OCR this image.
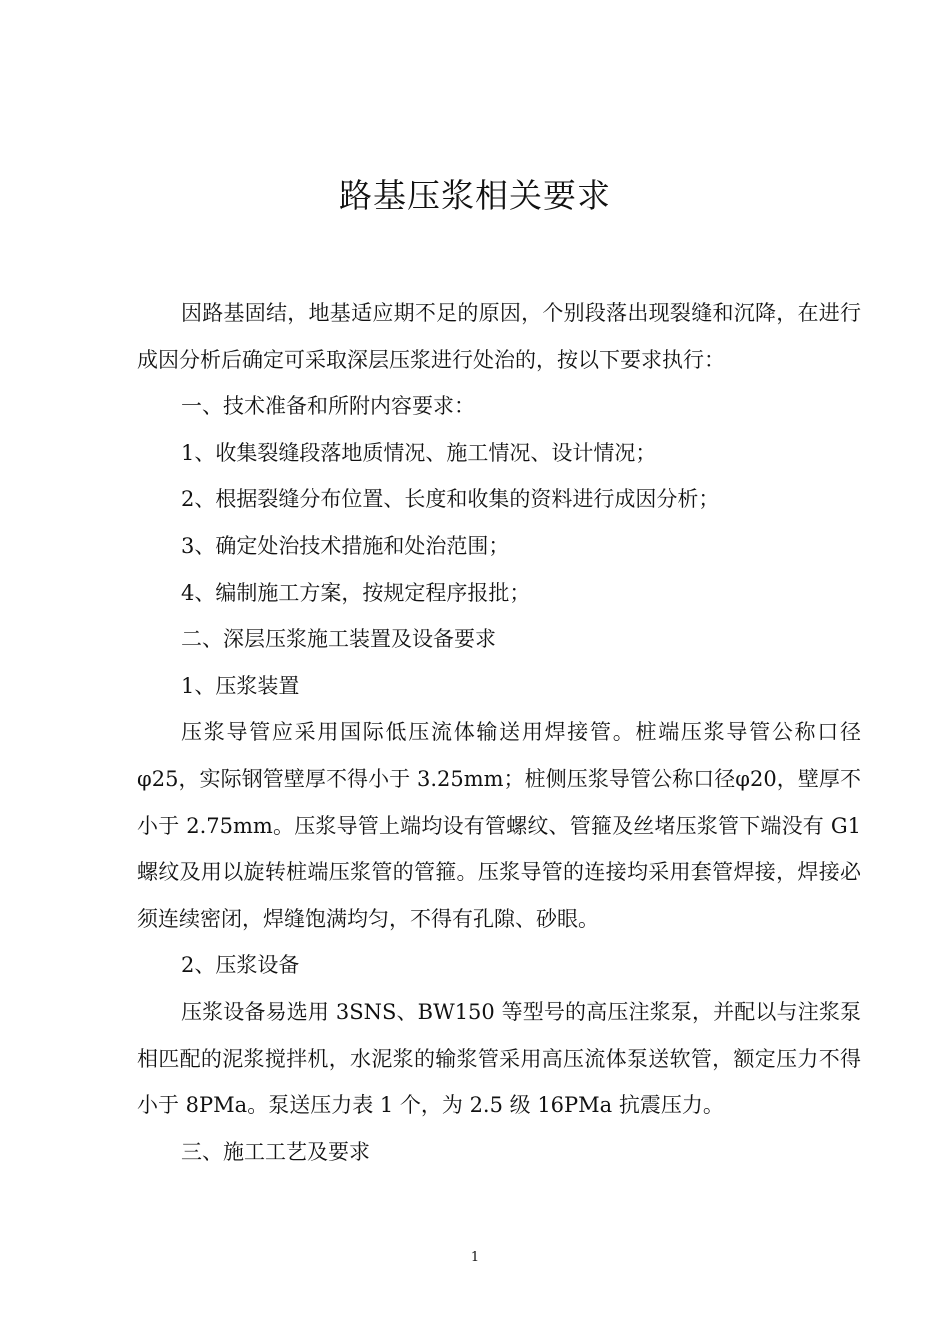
路基压浆相关要求

因路基固结，地基适应期不足的原因，个别段落出现裂缝和沉降，在进行成因分析后确定可采取深层压浆进行处治的，按以下要求执行：

一、技术准备和所附内容要求：

1、收集裂缝段落地质情况、施工情况、设计情况；

2、根据裂缝分布位置、长度和收集的资料进行成因分析；

3、确定处治技术措施和处治范围；

4、编制施工方案，按规定程序报批；

二、深层压浆施工装置及设备要求

1、压浆装置

压浆导管应采用国际低压流体输送用焊接管。桩端压浆导管公称口径φ25，实际钢管壁厚不得小于 3.25mm；桩侧压浆导管公称口径φ20，壁厚不小于 2.75mm。压浆导管上端均设有管螺纹、管箍及丝堵压浆管下端没有 G1 螺纹及用以旋转桩端压浆管的管箍。压浆导管的连接均采用套管焊接，焊接必须连续密闭，焊缝饱满均匀，不得有孔隙、砂眼。

2、压浆设备

压浆设备易选用 3SNS、BW150 等型号的高压注浆泵，并配以与注浆泵相匹配的泥浆搅拌机，水泥浆的输浆管采用高压流体泵送软管，额定压力不得小于 8PMa。泵送压力表 1 个，为 2.5 级 16PMa 抗震压力。

三、施工工艺及要求

1
